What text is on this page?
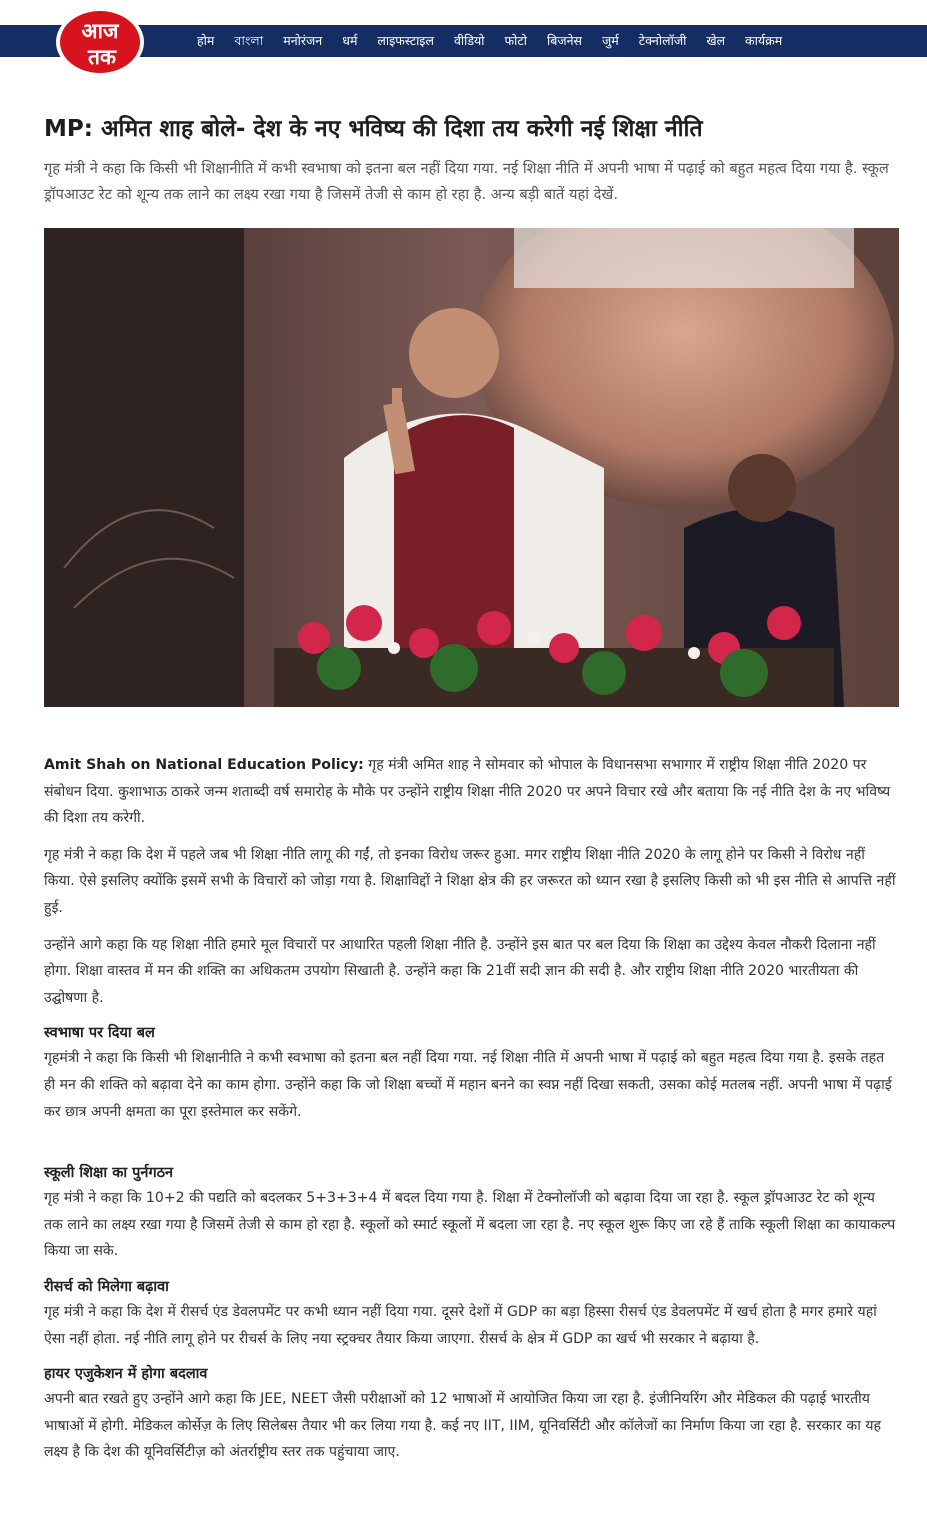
आज
तक
होम	বাংলা	मनोरंजन	धर्म	लाइफस्टाइल	वीडियो	फोटो	बिजनेस	जुर्म	टेक्नोलॉजी	खेल	कार्यक्रम
MP: अमित शाह बोले- देश के नए भविष्य की दिशा तय करेगी नई शिक्षा नीति

गृह मंत्री ने कहा कि किसी भी शिक्षानीति में कभी स्वभाषा को इतना बल नहीं दिया गया. नई शिक्षा नीति में अपनी भाषा में पढ़ाई को बहुत महत्व दिया गया है. स्कूल ड्रॉपआउट रेट को शून्य तक लाने का लक्ष्य रखा गया है जिसमें तेजी से काम हो रहा है. अन्य बड़ी बातें यहां देखें.

Amit Shah on National Education Policy: गृह मंत्री अमित शाह ने सोमवार को भोपाल के विधानसभा सभागार में राष्ट्रीय शिक्षा नीति 2020 पर संबोधन दिया. कुशाभाऊ ठाकरे जन्म शताब्दी वर्ष समारोह के मौके पर उन्होंने राष्ट्रीय शिक्षा नीति 2020 पर अपने विचार रखे और बताया कि नई नीति देश के नए भविष्य की दिशा तय करेगी.

गृह मंत्री ने कहा कि देश में पहले जब भी शिक्षा नीति लागू की गईं, तो इनका विरोध जरूर हुआ. मगर राष्ट्रीय शिक्षा नीति 2020 के लागू होने पर किसी ने विरोध नहीं किया. ऐसे इसलिए क्योंकि इसमें सभी के विचारों को जोड़ा गया है. शिक्षाविद्दों ने शिक्षा क्षेत्र की हर जरूरत को ध्यान रखा है इसलिए किसी को भी इस नीति से आपत्ति नहीं हुई.

उन्होंने आगे कहा कि यह शिक्षा नीति हमारे मूल विचारों पर आधारित पहली शिक्षा नीति है. उन्होंने इस बात पर बल दिया कि शिक्षा का उद्देश्य केवल नौकरी दिलाना नहीं होगा. शिक्षा वास्तव में मन की शक्ति का अधिकतम उपयोग सिखाती है. उन्होंने कहा कि 21वीं सदी ज्ञान की सदी है. और राष्ट्रीय शिक्षा नीति 2020 भारतीयता की उद्घोषणा है.

स्वभाषा पर दिया बल

गृहमंत्री ने कहा कि किसी भी शिक्षानीति ने कभी स्वभाषा को इतना बल नहीं दिया गया. नई शिक्षा नीति में अपनी भाषा में पढ़ाई को बहुत महत्व दिया गया है. इसके तहत ही मन की शक्ति को बढ़ावा देने का काम होगा. उन्होंने कहा कि जो शिक्षा बच्चों में महान बनने का स्वप्न नहीं दिखा सकती, उसका कोई मतलब नहीं. अपनी भाषा में पढ़ाई कर छात्र अपनी क्षमता का पूरा इस्तेमाल कर सकेंगे.

स्कूली शिक्षा का पुर्नगठन

गृह मंत्री ने कहा कि 10+2 की पद्यति को बदलकर 5+3+3+4 में बदल दिया गया है. शिक्षा में टेक्नोलॉजी को बढ़ावा दिया जा रहा है. स्कूल ड्रॉपआउट रेट को शून्य तक लाने का लक्ष्य रखा गया है जिसमें तेजी से काम हो रहा है. स्कूलों को स्मार्ट स्कूलों में बदला जा रहा है. नए स्कूल शुरू किए जा रहे हैं ताकि स्कूली शिक्षा का कायाकल्प किया जा सके.

रीसर्च को मिलेगा बढ़ावा

गृह मंत्री ने कहा कि देश में रीसर्च एंड डेवलपमेंट पर कभी ध्यान नहीं दिया गया. दूसरे देशों में GDP का बड़ा हिस्सा रीसर्च एंड डेवलपमेंट में खर्च होता है मगर हमारे यहां ऐसा नहीं होता. नई नीति लागू होने पर रीचर्स के लिए नया स्ट्रक्चर तैयार किया जाएगा. रीसर्च के क्षेत्र में GDP का खर्च भी सरकार ने बढ़ाया है.

हायर एजुकेशन में होगा बदलाव

अपनी बात रखते हुए उन्होंने आगे कहा कि JEE, NEET जैसी परीक्षाओं को 12 भाषाओं में आयोजित किया जा रहा है. इंजीनियरिंग और मेडिकल की पढ़ाई भारतीय भाषाओं में होगी. मेडिकल कोर्सेज़ के लिए सिलेबस तैयार भी कर लिया गया है. कई नए IIT, IIM, यूनिवर्सिटी और कॉलेजों का निर्माण किया जा रहा है. सरकार का यह लक्ष्य है कि देश की यूनिवर्सिटीज़ को अंतर्राष्ट्रीय स्तर तक पहुंचाया जाए.
